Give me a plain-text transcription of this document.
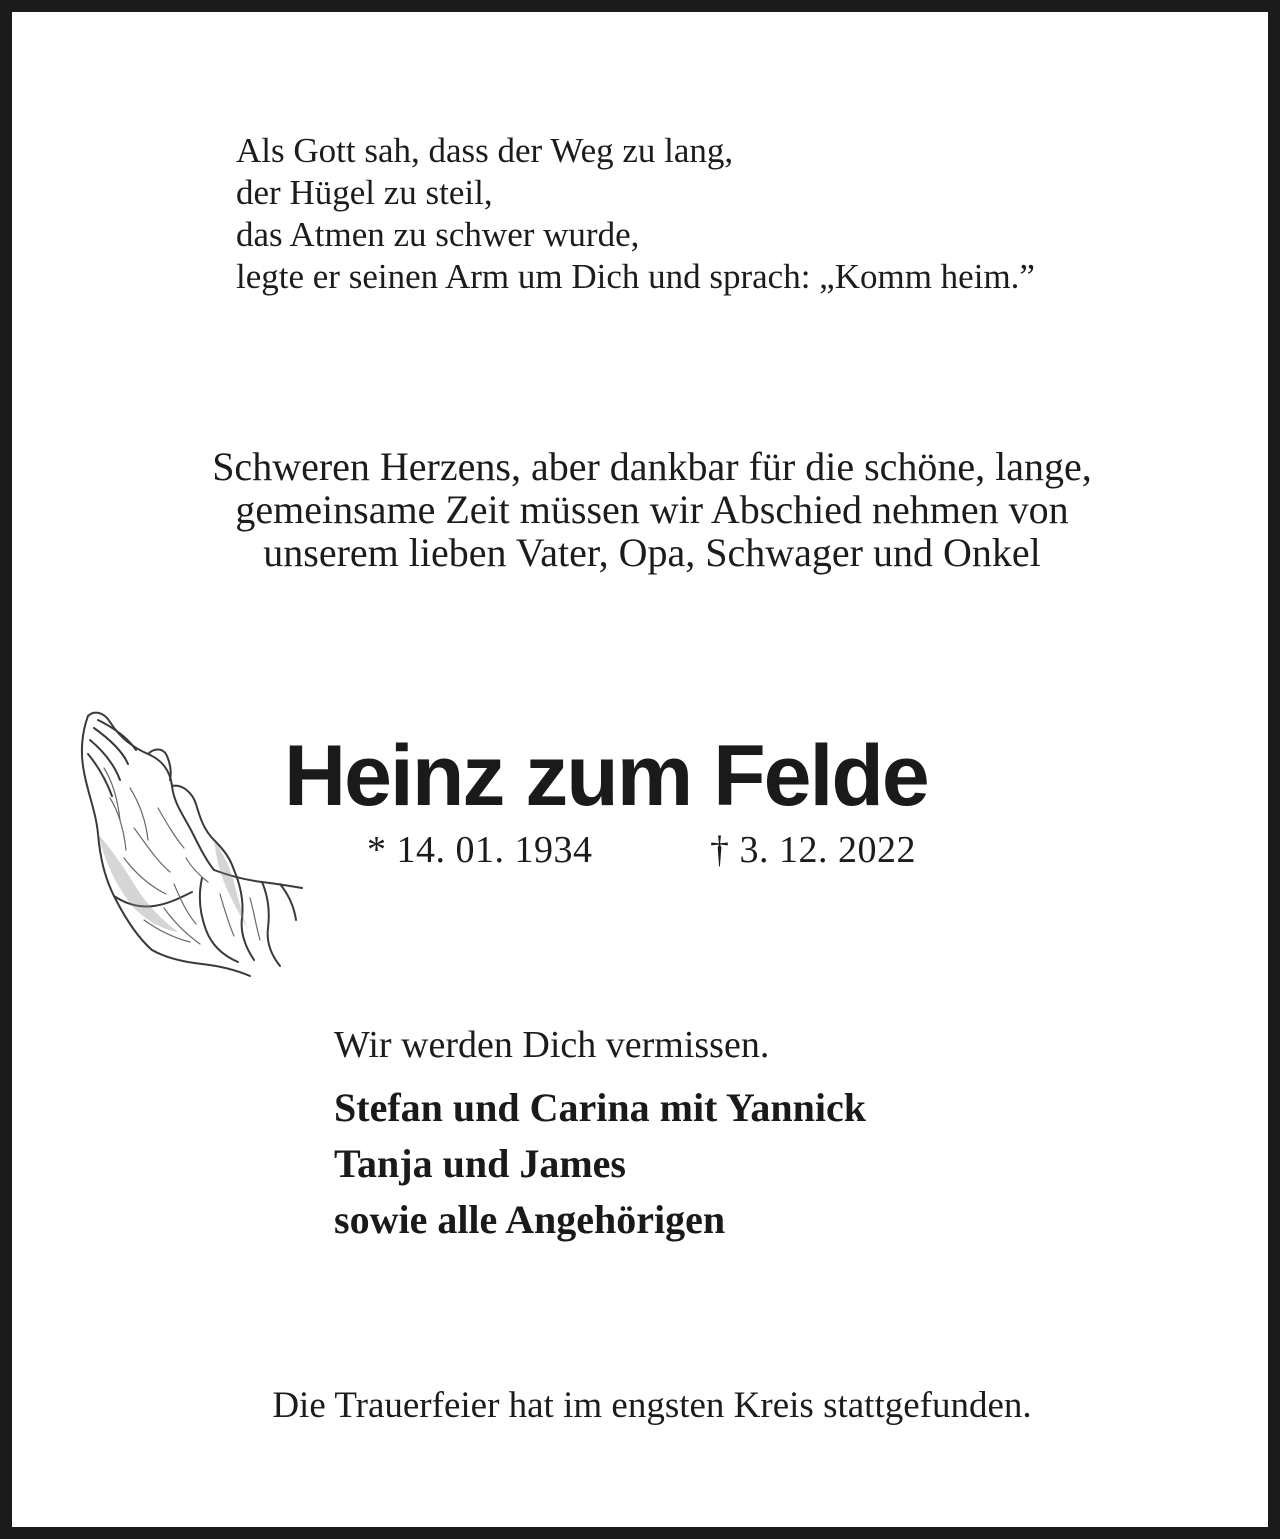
Als Gott sah, dass der Weg zu lang,
der Hügel zu steil,
das Atmen zu schwer wurde,
legte er seinen Arm um Dich und sprach: „Komm heim.”
Schweren Herzens, aber dankbar für die schöne, lange,
gemeinsame Zeit müssen wir Abschied nehmen von
unserem lieben Vater, Opa, Schwager und Onkel
Heinz zum Felde
* 14. 01. 1934	† 3. 12. 2022
Wir werden Dich vermissen.
Stefan und Carina mit Yannick
Tanja und James
sowie alle Angehörigen
Die Trauerfeier hat im engsten Kreis stattgefunden.
